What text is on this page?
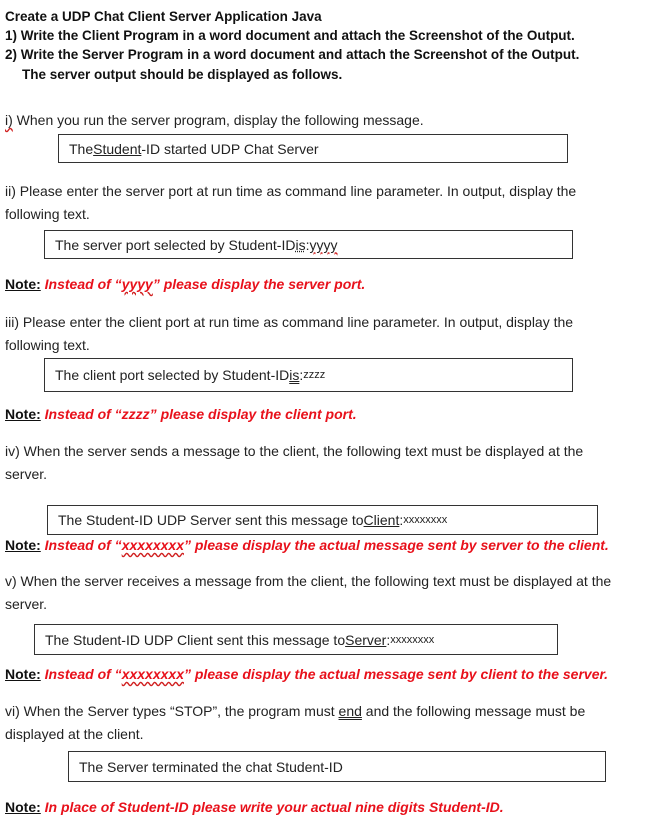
Create a UDP Chat Client Server Application Java
1) Write the Client Program in a word document and attach the Screenshot of the Output.
2) Write the Server Program in a word document and attach the Screenshot of the Output.
The server output should be displayed as follows.
i) When you run the server program, display the following message.
The Student -ID started UDP Chat Server
ii) Please enter the server port at run time as command line parameter. In output, display the
following text.
The server port selected by Student-ID is : yyyy
Note: Instead of “yyyy” please display the server port.
iii) Please enter the client port at run time as command line parameter. In output, display the
following text.
The client port selected by Student-ID is : zzzz
Note: Instead of “zzzz” please display the client port.
iv) When the server sends a message to the client, the following text must be displayed at the
server.
The Student-ID UDP Server sent this message to Client : xxxxxxxx
Note: Instead of “xxxxxxxx” please display the actual message sent by server to the client.
v) When the server receives a message from the client, the following text must be displayed at the
server.
The Student-ID UDP Client sent this message to Server : xxxxxxxx
Note: Instead of “xxxxxxxx” please display the actual message sent by client to the server.
vi) When the Server types “STOP”, the program must end and the following message must be
displayed at the client.
The Server terminated the chat Student-ID
Note: In place of Student-ID please write your actual nine digits Student-ID.
